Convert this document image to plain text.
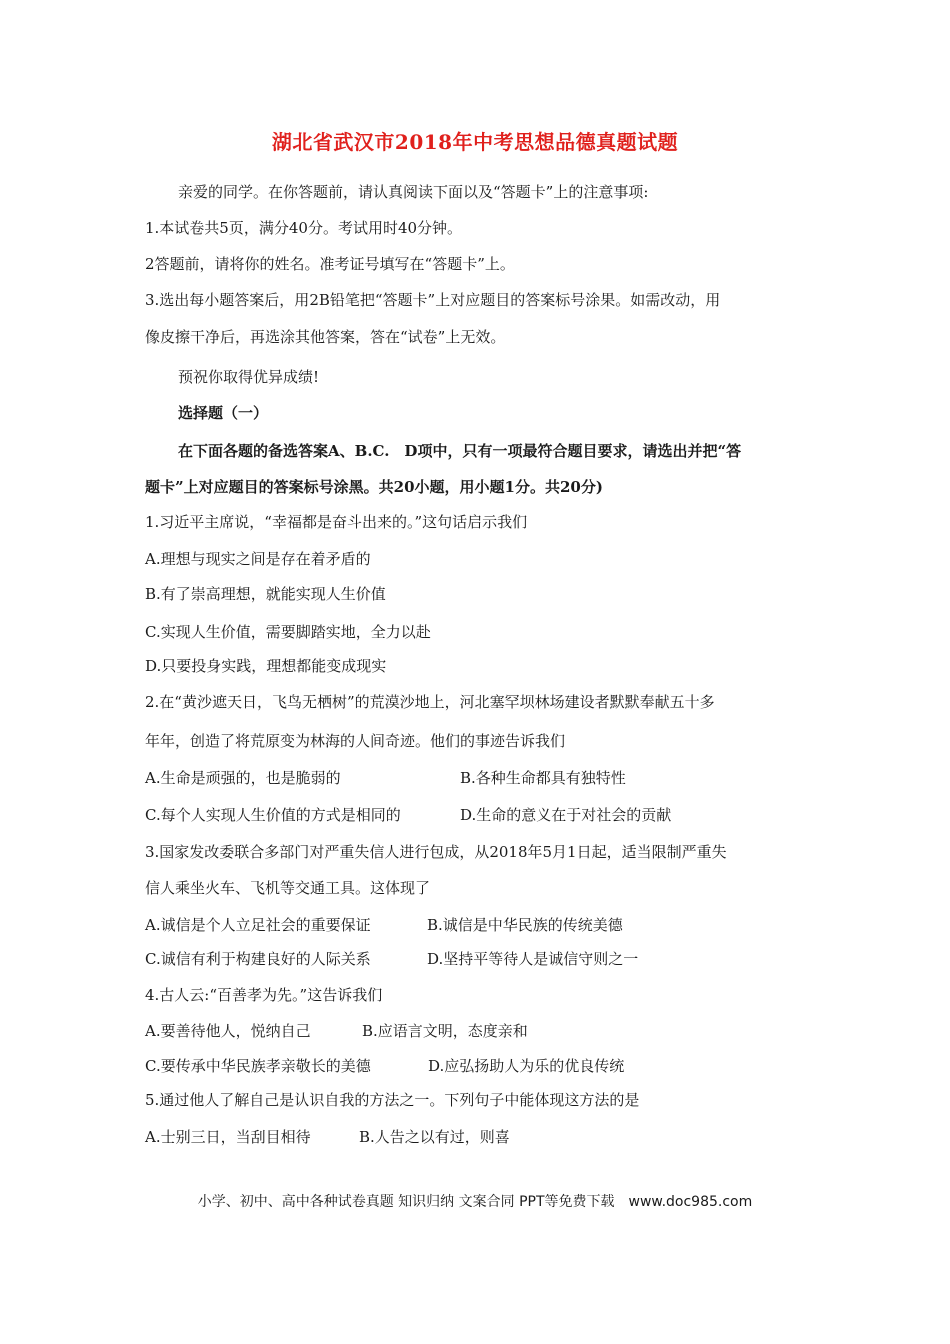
湖北省武汉市2018年中考思想品德真题试题
亲爱的同学。在你答题前，请认真阅读下面以及“答题卡”上的注意事项:
1.本试卷共5页，满分40分。考试用时40分钟。
2答题前，请将你的姓名。准考证号填写在“答题卡”上。
3.选出每小题答案后，用2B铅笔把“答题卡”上对应题目的答案标号涂果。如需改动，用
像皮擦干净后，再选涂其他答案，答在“试卷”上无效。
预祝你取得优异成绩!
选择题（一）
在下面各题的备选答案A、B.C.　D项中，只有一项最符合题目要求，请选出并把“答
题卡”上对应题目的答案标号涂黑。共20小题，用小题1分。共20分)
1.习近平主席说，“幸福都是奋斗出来的。”这句话启示我们
A.理想与现实之间是存在着矛盾的
B.有了崇高理想，就能实现人生价值
C.实现人生价值，需要脚踏实地，全力以赴
D.只要投身实践，理想都能变成现实
2.在“黄沙遮天日，飞鸟无栖树”的荒漠沙地上，河北塞罕坝林场建设者默默奉献五十多
年年，创造了将荒原变为林海的人间奇迹。他们的事迹告诉我们
A.生命是顽强的，也是脆弱的	B.各种生命都具有独特性
C.每个人实现人生价值的方式是相同的	D.生命的意义在于对社会的贡献
3.国家发改委联合多部门对严重失信人进行包成，从2018年5月1日起，适当限制严重失
信人乘坐火车、飞机等交通工具。这体现了
A.诚信是个人立足社会的重要保证	B.诚信是中华民族的传统美德
C.诚信有利于构建良好的人际关系	D.坚持平等待人是诚信守则之一
4.古人云:“百善孝为先。”这告诉我们
A.要善待他人，悦纳自己	B.应语言文明，态度亲和
C.要传承中华民族孝亲敬长的美德	D.应弘扬助人为乐的优良传统
5.通过他人了解自己是认识自我的方法之一。下列句子中能体现这方法的是
A.士别三日，当刮目相待	B.人告之以有过，则喜
小学、初中、高中各种试卷真题 知识归纳 文案合同 PPT等免费下载　www.doc985.com
